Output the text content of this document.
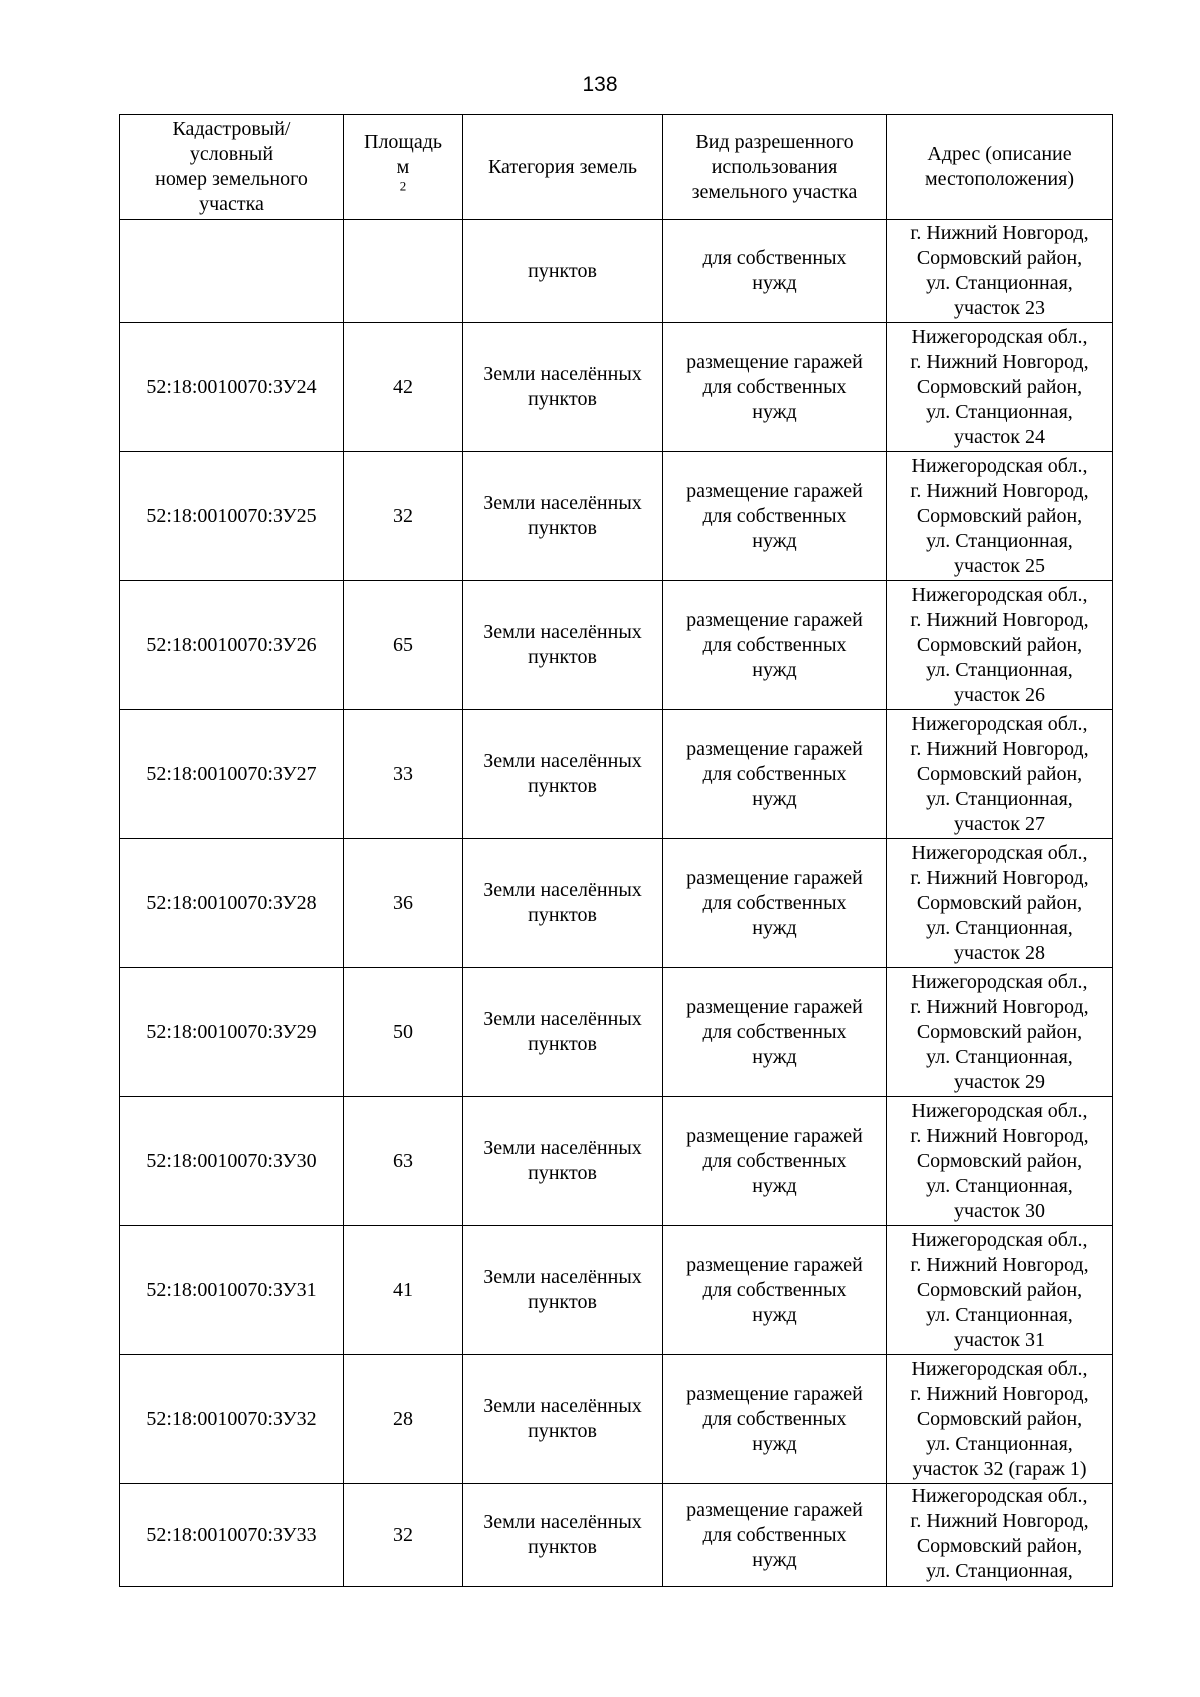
138
Кадастровый/
условный
номер земельного
участка	Площадь
м
$^2$	Категория земель	Вид разрешенного
использования
земельного участка	Адрес (описание
местоположения)

		пунктов	для собственных
нужд	г. Нижний Новгород,
Сормовский район,
ул. Станционная,
участок 23

52:18:0010070:ЗУ24	42	Земли населённых
пунктов	размещение гаражей
для собственных
нужд	Нижегородская обл.,
г. Нижний Новгород,
Сормовский район,
ул. Станционная,
участок 24

52:18:0010070:ЗУ25	32	Земли населённых
пунктов	размещение гаражей
для собственных
нужд	Нижегородская обл.,
г. Нижний Новгород,
Сормовский район,
ул. Станционная,
участок 25

52:18:0010070:ЗУ26	65	Земли населённых
пунктов	размещение гаражей
для собственных
нужд	Нижегородская обл.,
г. Нижний Новгород,
Сормовский район,
ул. Станционная,
участок 26

52:18:0010070:ЗУ27	33	Земли населённых
пунктов	размещение гаражей
для собственных
нужд	Нижегородская обл.,
г. Нижний Новгород,
Сормовский район,
ул. Станционная,
участок 27

52:18:0010070:ЗУ28	36	Земли населённых
пунктов	размещение гаражей
для собственных
нужд	Нижегородская обл.,
г. Нижний Новгород,
Сормовский район,
ул. Станционная,
участок 28

52:18:0010070:ЗУ29	50	Земли населённых
пунктов	размещение гаражей
для собственных
нужд	Нижегородская обл.,
г. Нижний Новгород,
Сормовский район,
ул. Станционная,
участок 29

52:18:0010070:ЗУ30	63	Земли населённых
пунктов	размещение гаражей
для собственных
нужд	Нижегородская обл.,
г. Нижний Новгород,
Сормовский район,
ул. Станционная,
участок 30

52:18:0010070:ЗУ31	41	Земли населённых
пунктов	размещение гаражей
для собственных
нужд	Нижегородская обл.,
г. Нижний Новгород,
Сормовский район,
ул. Станционная,
участок 31

52:18:0010070:ЗУ32	28	Земли населённых
пунктов	размещение гаражей
для собственных
нужд	Нижегородская обл.,
г. Нижний Новгород,
Сормовский район,
ул. Станционная,
участок 32 (гараж 1)

52:18:0010070:ЗУ33	32	Земли населённых
пунктов	размещение гаражей
для собственных
нужд	Нижегородская обл.,
г. Нижний Новгород,
Сормовский район,
ул. Станционная,
